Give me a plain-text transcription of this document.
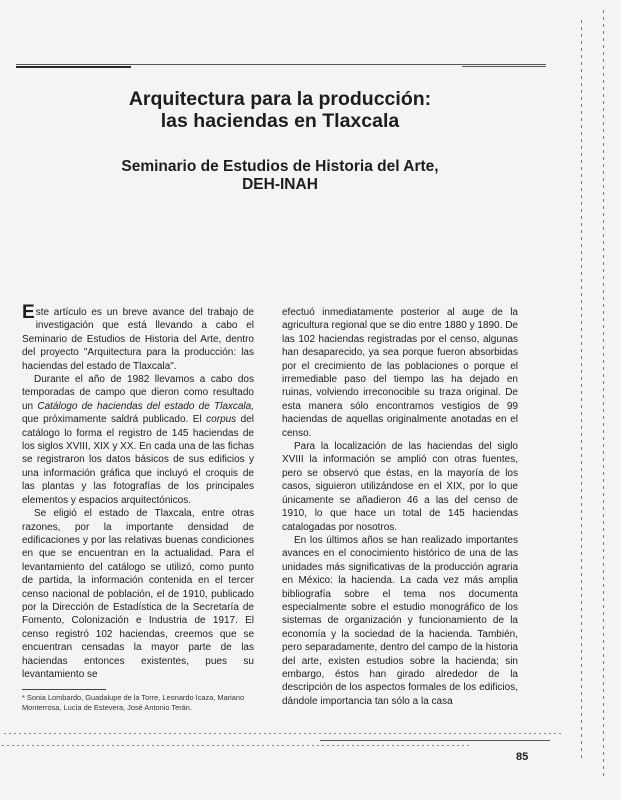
Arquitectura para la producción:
las haciendas en Tlaxcala
Seminario de Estudios de Historia del Arte,
DEH-INAH

Este artículo es un breve avance del trabajo de investigación que está llevando a cabo el Seminario de Estudios de Historia del Arte, dentro del proyecto "Arquitectura para la producción: las haciendas del estado de Tlaxcala".

Durante el año de 1982 llevamos a cabo dos temporadas de campo que dieron como resultado un Catálogo de haciendas del estado de Tlaxcala, que próximamente saldrá publicado. El corpus del catálogo lo forma el registro de 145 haciendas de los siglos XVIII, XIX y XX. En cada una de las fichas se registraron los datos básicos de sus edificios y una información gráfica que incluyó el croquis de las plantas y las fotografías de los principales elementos y espacios arquitectónicos.

Se eligió el estado de Tlaxcala, entre otras razones, por la importante densidad de edificaciones y por las relativas buenas condiciones en que se encuentran en la actualidad. Para el levantamiento del catálogo se utilizó, como punto de partida, la información contenida en el tercer censo nacional de población, el de 1910, publicado por la Dirección de Estadística de la Secretaría de Fomento, Colonización e Industria de 1917. El censo registró 102 haciendas, creemos que se encuentran censadas la mayor parte de las haciendas entonces existentes, pues su levantamiento se

efectuó inmediatamente posterior al auge de la agricultura regional que se dio entre 1880 y 1890. De las 102 haciendas registradas por el censo, algunas han desaparecido, ya sea porque fueron absorbidas por el crecimiento de las poblaciones o porque el irremediable paso del tiempo las ha dejado en ruinas, volviendo irreconocible su traza original. De esta manera sólo encontramos vestigios de 99 haciendas de aquellas originalmente anotadas en el censo.

Para la localización de las haciendas del siglo XVIII la información se amplió con otras fuentes, pero se observó que éstas, en la mayoría de los casos, siguieron utilizándose en el XIX, por lo que únicamente se añadieron 46 a las del censo de 1910, lo que hace un total de 145 haciendas catalogadas por nosotros.

En los últimos años se han realizado importantes avances en el conocimiento histórico de una de las unidades más significativas de la producción agraria en México: la hacienda. La cada vez más amplia bibliografía sobre el tema nos documenta especialmente sobre el estudio monográfico de los sistemas de organización y funcionamiento de la economía y la sociedad de la hacienda. También, pero separadamente, dentro del campo de la historia del arte, existen estudios sobre la hacienda; sin embargo, éstos han girado alrededor de la descripción de los aspectos formales de los edificios, dándole importancia tan sólo a la casa

* Sonia Lombardo, Guadalupe de la Torre, Leonardo Icaza, Mariano Monterrosa, Lucía de Estevera, José Antonio Terán.
85
